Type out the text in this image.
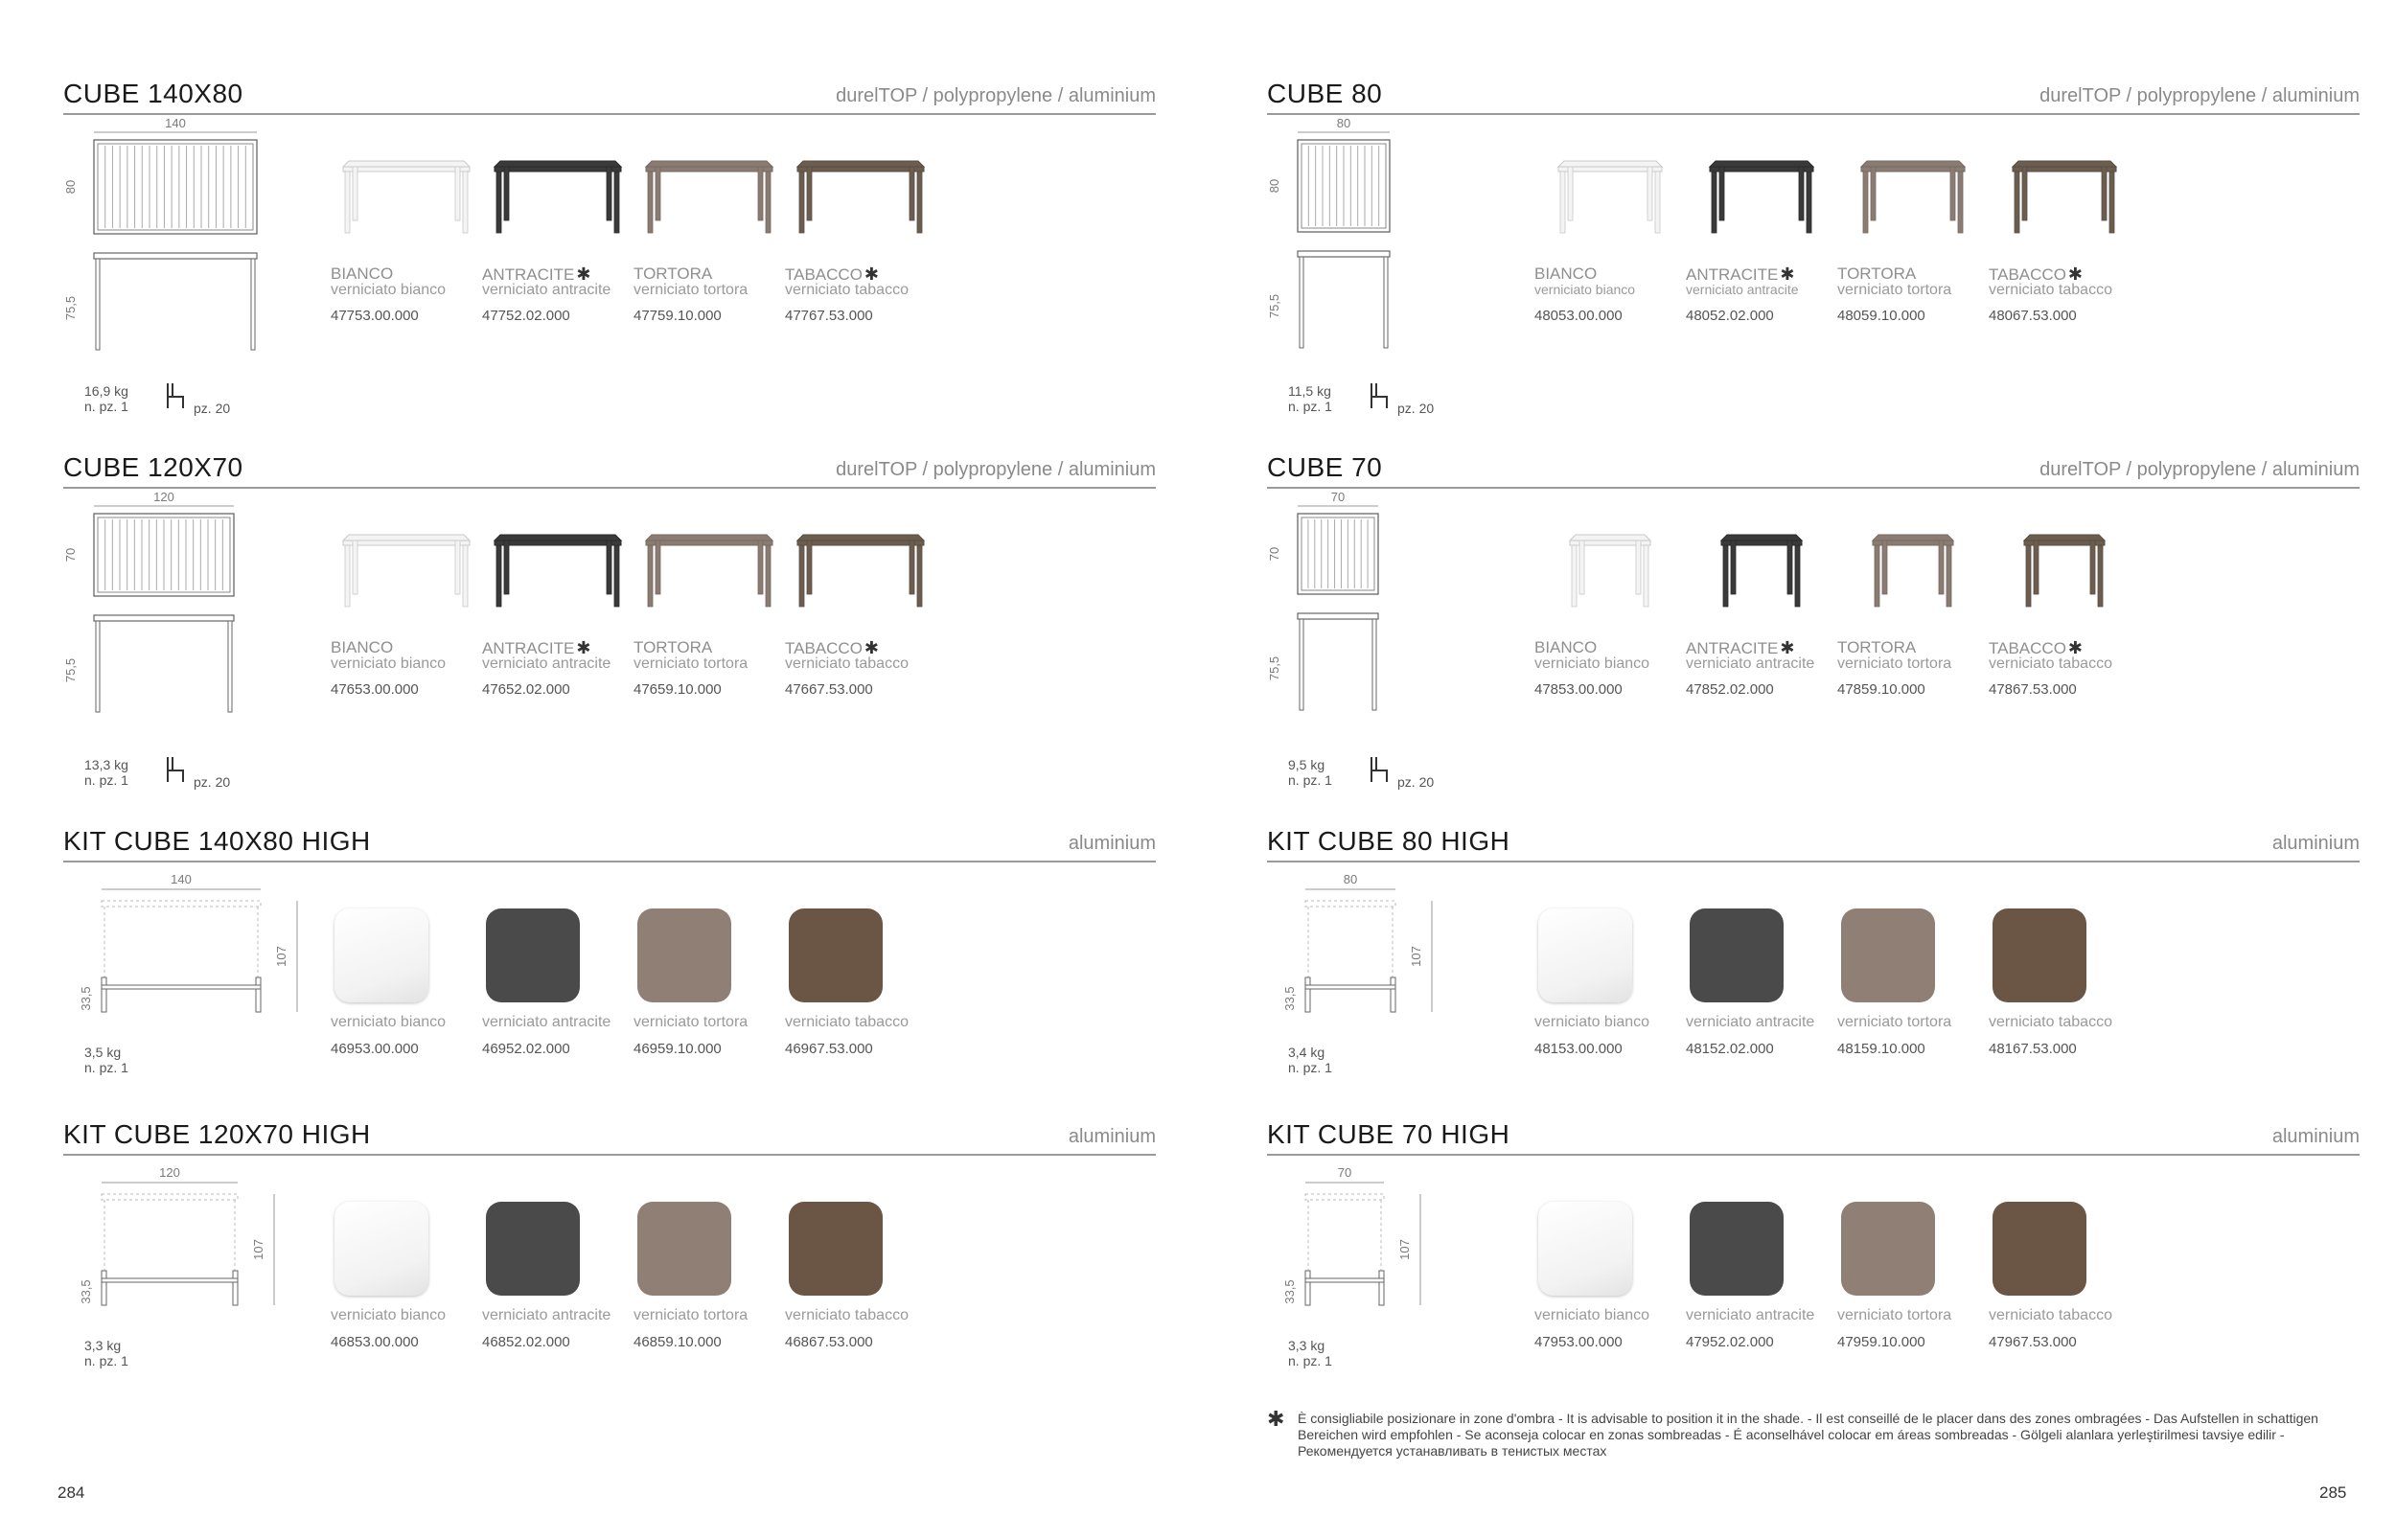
CUBE 140X80	durelTOP / polypropylene / aluminium
140
80
75,5
16,9 kg
n. pz. 1	pz. 20
BIANCO
verniciato bianco
47753.00.000
ANTRACITE ✱
verniciato antracite
47752.02.000
TORTORA
verniciato tortora
47759.10.000
TABACCO ✱
verniciato tabacco
47767.53.000
CUBE 120X70	durelTOP / polypropylene / aluminium
120
70
75,5
13,3 kg
n. pz. 1	pz. 20
BIANCO
verniciato bianco
47653.00.000
ANTRACITE ✱
verniciato antracite
47652.02.000
TORTORA
verniciato tortora
47659.10.000
TABACCO ✱
verniciato tabacco
47667.53.000
KIT CUBE 140X80 HIGH	aluminium
140
107
33,5
3,5 kg
n. pz. 1
verniciato bianco
46953.00.000
verniciato antracite
46952.02.000
verniciato tortora
46959.10.000
verniciato tabacco
46967.53.000
KIT CUBE 120X70 HIGH	aluminium
120
107
33,5
3,3 kg
n. pz. 1
verniciato bianco
46853.00.000
verniciato antracite
46852.02.000
verniciato tortora
46859.10.000
verniciato tabacco
46867.53.000
284
CUBE 80	durelTOP / polypropylene / aluminium
80
80
75,5
11,5 kg
n. pz. 1	pz. 20
BIANCO
verniciato bianco
48053.00.000
ANTRACITE ✱
verniciato antracite
48052.02.000
TORTORA
verniciato tortora
48059.10.000
TABACCO ✱
verniciato tabacco
48067.53.000
CUBE 70	durelTOP / polypropylene / aluminium
70
70
75,5
9,5 kg
n. pz. 1	pz. 20
BIANCO
verniciato bianco
47853.00.000
ANTRACITE ✱
verniciato antracite
47852.02.000
TORTORA
verniciato tortora
47859.10.000
TABACCO ✱
verniciato tabacco
47867.53.000
KIT CUBE 80 HIGH	aluminium
80
107
33,5
3,4 kg
n. pz. 1
verniciato bianco
48153.00.000
verniciato antracite
48152.02.000
verniciato tortora
48159.10.000
verniciato tabacco
48167.53.000
KIT CUBE 70 HIGH	aluminium
70
107
33,5
3,3 kg
n. pz. 1
verniciato bianco
47953.00.000
verniciato antracite
47952.02.000
verniciato tortora
47959.10.000
verniciato tabacco
47967.53.000
✱ È consigliabile posizionare in zone d'ombra - It is advisable to position it in the shade. - Il est conseillé de le placer dans des zones ombragées - Das Aufstellen in schattigen Bereichen wird empfohlen - Se aconseja colocar en zonas sombreadas - É aconselhável colocar em áreas sombreadas - Gölgeli alanlara yerleştirilmesi tavsiye edilir - Рекомендуется устанавливать в тенистых местах
285
